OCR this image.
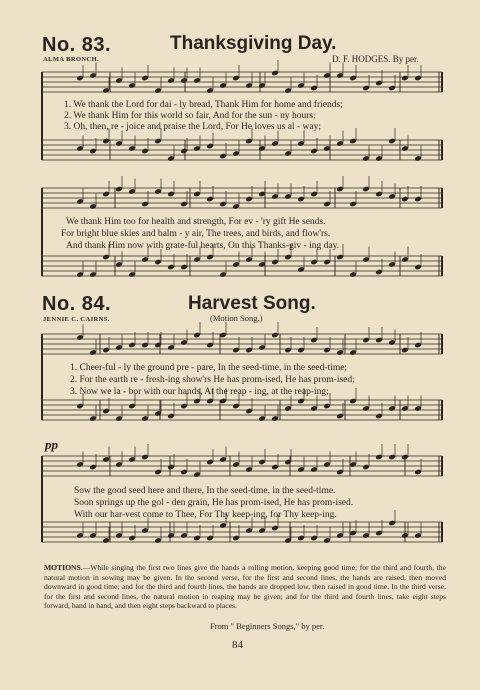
No. 83.	Thanksgiving Day.
ALMA BRONCH.	D. F. HODGES. By per.
1. We thank the Lord for dai - ly bread, Thank Him for home and friends;
2. We thank Him for this world so fair, And for the sun - ny hours;
3. Oh, then, re - joice and praise the Lord, For He loves us al - way;
We thank Him too for health and strength, For ev - 'ry gift He sends.
For bright blue skies and balm - y air, The trees, and birds, and flow'rs.
And thank Him now with grate-ful hearts, On this Thanks-giv - ing day.
No. 84.	Harvest Song.
JENNIE C. CAIRNS.	(Motion Song.)
1. Cheer-ful - ly the ground pre - pare, In the seed-time, in the seed-time;
2. For the earth re - fresh-ing show'rs He has prom-ised, He has prom-ised;
3. Now we la - bor with our hands, At the reap - ing, at the reap-ing;
pp
Sow the good seed here and there, In the seed-time, in the seed-time.
Soon springs up the gol - den grain, He has prom-ised, He has prom-ised.
With our har-vest come to Thee, For Thy keep-ing, for Thy keep-ing.
MOTIONS.—While singing the first two lines give the hands a rolling motion, keeping good time; for the third and fourth, the natural motion in sowing may be given. In the second verse, for the first and second lines, the hands are raised, then moved downward in good time; and for the third and fourth lines, the hands are dropped low, then raised in good time. In the third verse, for the first and second lines, the natural motion in reaping may be given; and for the third and fourth lines, take eight steps forward, hand in hand, and then eight steps backward to places.
From " Beginners Songs," by per.
84
